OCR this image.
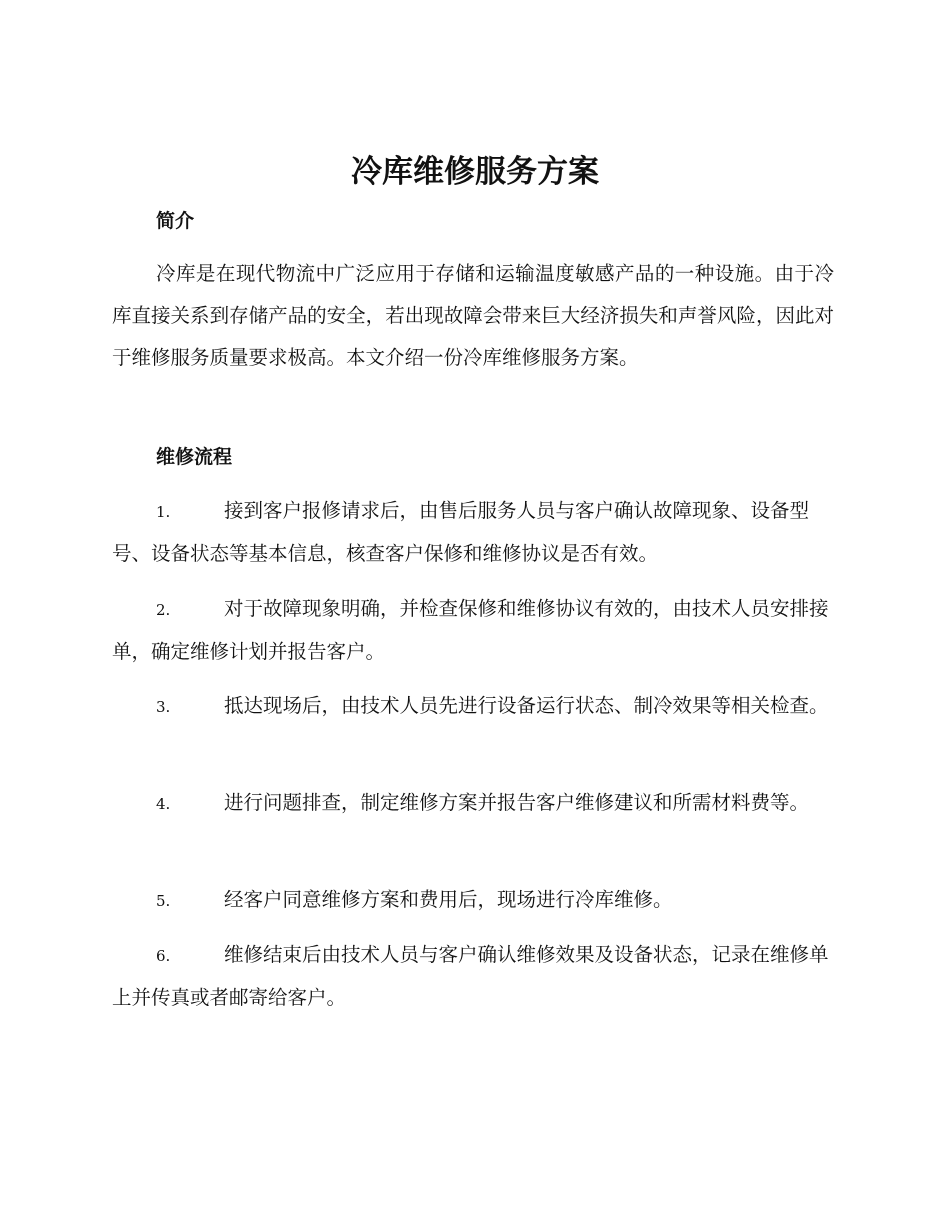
冷库维修服务方案
简介

冷库是在现代物流中广泛应用于存储和运输温度敏感产品的一种设施。由于冷库直接关系到存储产品的安全，若出现故障会带来巨大经济损失和声誉风险，因此对于维修服务质量要求极高。本文介绍一份冷库维修服务方案。

维修流程

1.	接到客户报修请求后，由售后服务人员与客户确认故障现象、设备型号、设备状态等基本信息，核查客户保修和维修协议是否有效。

2.	对于故障现象明确，并检查保修和维修协议有效的，由技术人员安排接单，确定维修计划并报告客户。

3.	抵达现场后，由技术人员先进行设备运行状态、制冷效果等相关检查。

4.	进行问题排查，制定维修方案并报告客户维修建议和所需材料费等。

5.	经客户同意维修方案和费用后，现场进行冷库维修。

6.	维修结束后由技术人员与客户确认维修效果及设备状态，记录在维修单上并传真或者邮寄给客户。
